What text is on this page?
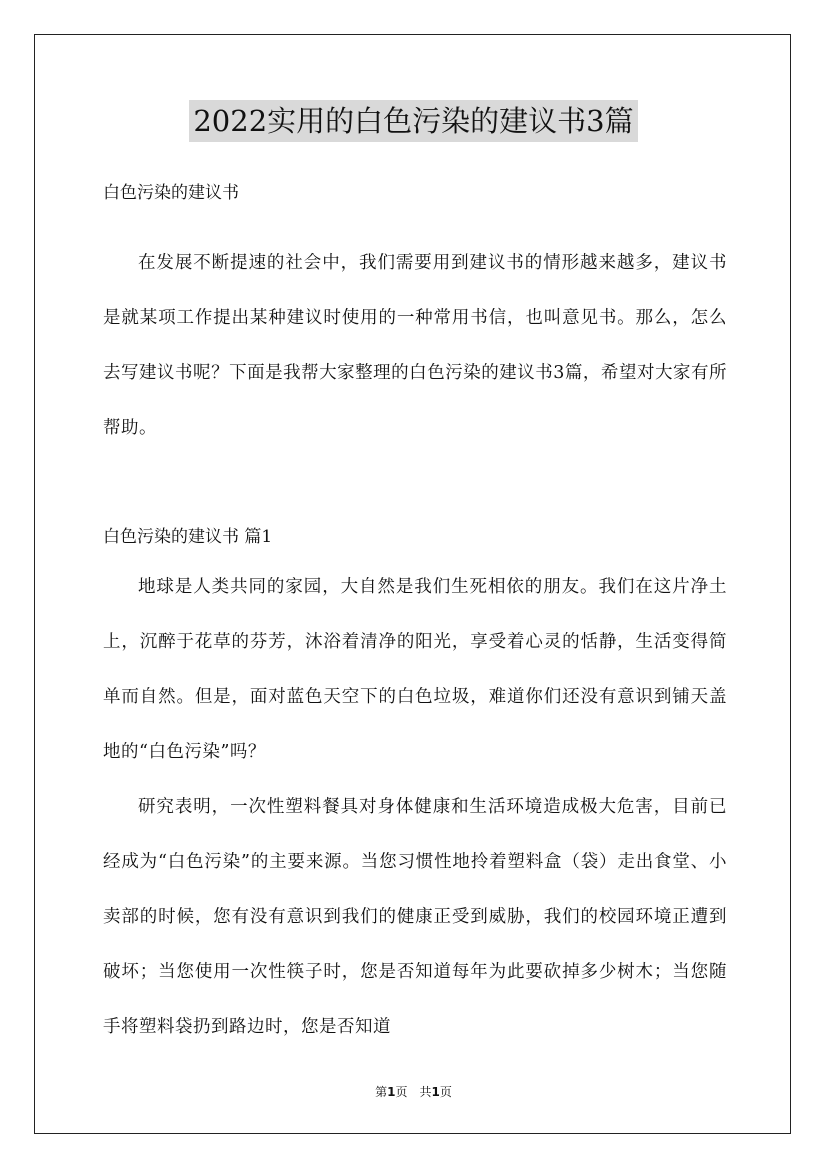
2022实用的白色污染的建议书3篇

白色污染的建议书

在发展不断提速的社会中，我们需要用到建议书的情形越来越多，建议书是就某项工作提出某种建议时使用的一种常用书信，也叫意见书。那么，怎么去写建议书呢？下面是我帮大家整理的白色污染的建议书3篇，希望对大家有所帮助。

白色污染的建议书 篇1

地球是人类共同的家园，大自然是我们生死相依的朋友。我们在这片净土上，沉醉于花草的芬芳，沐浴着清净的阳光，享受着心灵的恬静，生活变得简单而自然。但是，面对蓝色天空下的白色垃圾，难道你们还没有意识到铺天盖地的“白色污染”吗？

研究表明，一次性塑料餐具对身体健康和生活环境造成极大危害，目前已经成为“白色污染”的主要来源。当您习惯性地拎着塑料盒（袋）走出食堂、小卖部的时候，您有没有意识到我们的健康正受到威胁，我们的校园环境正遭到破坏；当您使用一次性筷子时，您是否知道每年为此要砍掉多少树木；当您随手将塑料袋扔到路边时，您是否知道

第1页　共1页
